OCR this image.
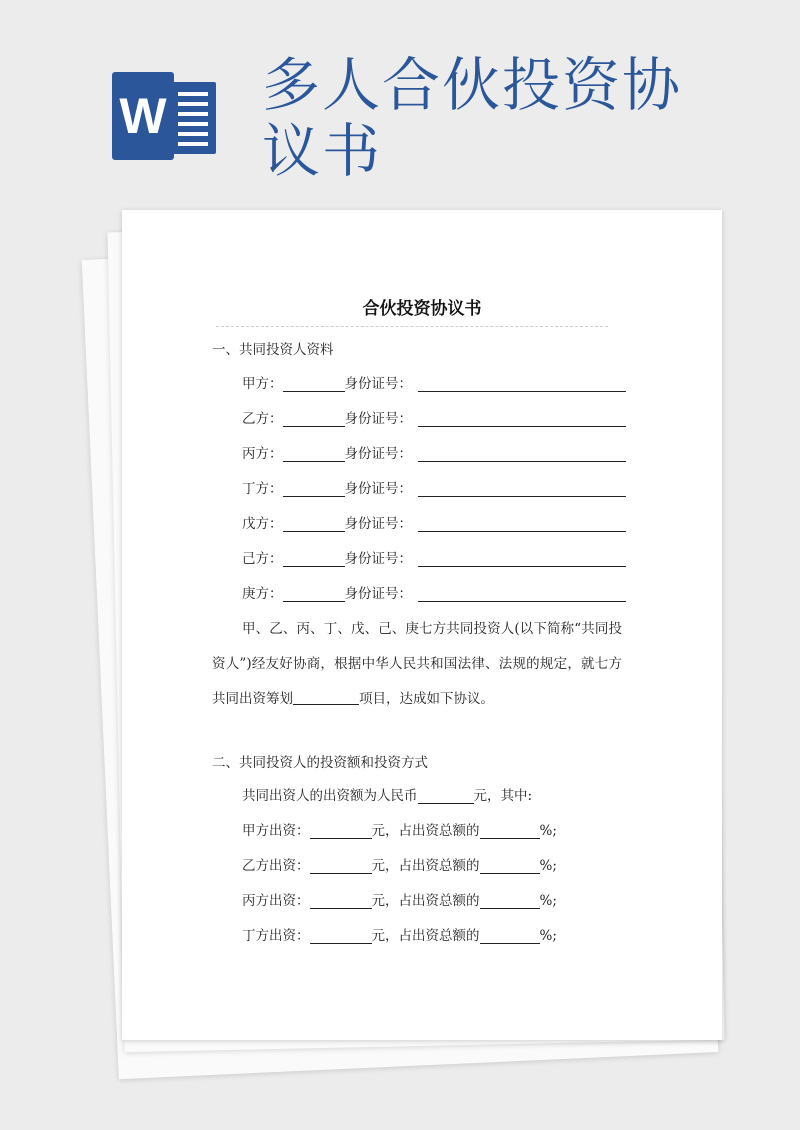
W 多人合伙投资协议书
合伙投资协议书
一、共同投资人资料
甲方：	身份证号：
乙方：	身份证号：
丙方：	身份证号：
丁方：	身份证号：
戊方：	身份证号：
己方：	身份证号：
庚方：	身份证号：
甲、乙、丙、丁、戊、己、庚七方共同投资人(以下简称“共同投资人”)经友好协商，根据中华人民共和国法律、法规的规定，就七方共同出资筹划	项目，达成如下协议。
二、共同投资人的投资额和投资方式
共同出资人的出资额为人民币	元，其中:
甲方出资：	元，占出资总额的	%;
乙方出资：	元，占出资总额的	%;
丙方出资：	元，占出资总额的	%;
丁方出资：	元，占出资总额的	%;
